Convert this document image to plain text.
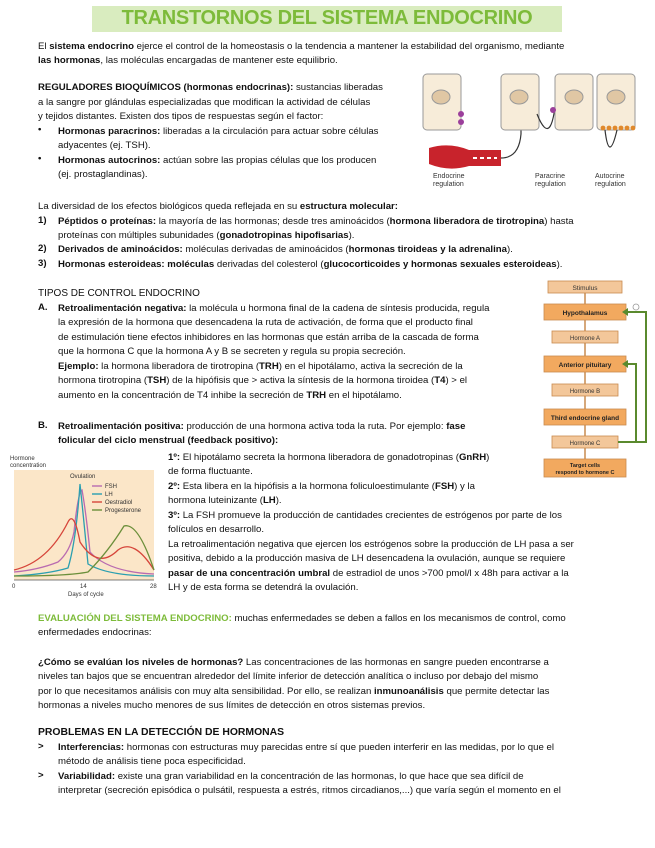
TRANSTORNOS DEL SISTEMA ENDOCRINO
El sistema endocrino ejerce el control de la homeostasis o la tendencia a mantener la estabilidad del organismo, mediante
las hormonas, las moléculas encargadas de mantener este equilibrio.
REGULADORES BIOQUÍMICOS (hormonas endocrinas): sustancias liberadas
a la sangre por glándulas especializadas que modifican la actividad de células
y tejidos distantes. Existen dos tipos de respuestas según el factor:
• Hormonas paracrinos: liberadas a la circulación para actuar sobre células
adyacentes (ej. TSH).
• Hormonas autocrinos: actúan sobre las propias células que los producen
(ej. prostaglandinas).	Endocrine
regulation
Paracrine
regulation
Autocrine
regulation
La diversidad de los efectos biológicos queda reflejada en su estructura molecular:
1) Péptidos o proteínas: la mayoría de las hormonas; desde tres aminoácidos (hormona liberadora de tirotropina) hasta
proteínas con múltiples subunidades (gonadotropinas hipofisarias).
2) Derivados de aminoácidos: moléculas derivadas de aminoácidos (hormonas tiroideas y la adrenalina).
3) Hormonas esteroideas: moléculas derivadas del colesterol (glucocorticoides y hormonas sexuales esteroideas).
TIPOS DE CONTROL ENDOCRINO
A. Retroalimentación negativa: la molécula u hormona final de la cadena de síntesis producida, regula
la expresión de la hormona que desencadena la ruta de activación, de forma que el producto final
de estimulación tiene efectos inhibidores en las hormonas que están arriba de la cascada de forma
que la hormona C que la hormona A y B se secreten y regula su propia secreción.
Ejemplo: la hormona liberadora de tirotropina (TRH) en el hipotálamo, activa la secreción de la
hormona tirotropina (TSH) de la hipófisis que > activa la síntesis de la hormona tiroidea (T4) > el
aumento en la concentración de T4 inhibe la secreción de TRH en el hipotálamo.
B. Retroalimentación positiva: producción de una hormona activa toda la ruta. Por ejemplo: fase
folicular del ciclo menstrual (feedback positivo):
Stimulus
Hypothalamus
Hormone A
Anterior pituitary
Hormone B
Third endocrine gland
Hormone C
Target cells
respond to hormone C
Hormone
concentration
Ovulation
FSH
LH
Oestradiol
Progesterone
0	14	28
Days of cycle
1º: El hipotálamo secreta la hormona liberadora de gonadotropinas (GnRH)
de forma fluctuante.
2º: Esta libera en la hipófisis a la hormona foliculoestimulante (FSH) y la
hormona luteinizante (LH).
3º: La FSH promueve la producción de cantidades crecientes de estrógenos por parte de los
folículos en desarrollo.
La retroalimentación negativa que ejercen los estrógenos sobre la producción de LH pasa a ser
positiva, debido a la producción masiva de LH desencadena la ovulación, aunque se requiere
pasar de una concentración umbral de estradiol de unos >700 pmol/l x 48h para activar a la
LH y de esta forma se detendrá la ovulación.
EVALUACIÓN DEL SISTEMA ENDOCRINO: muchas enfermedades se deben a fallos en los mecanismos de control, como
enfermedades endocrinas:
¿Cómo se evalúan los niveles de hormonas? Las concentraciones de las hormonas en sangre pueden encontrarse a
niveles tan bajos que se encuentran alrededor del límite inferior de detección analítica o incluso por debajo del mismo
por lo que necesitamos análisis con muy alta sensibilidad. Por ello, se realizan inmunoanálisis que permite detectar las
hormonas a niveles mucho menores de sus límites de detección en otros sistemas previos.
PROBLEMAS EN LA DETECCIÓN DE HORMONAS
> Interferencias: hormonas con estructuras muy parecidas entre sí que pueden interferir en las medidas, por lo que el
método de análisis tiene poca especificidad.
> Variabilidad: existe una gran variabilidad en la concentración de las hormonas, lo que hace que sea difícil de
interpretar (secreción episódica o pulsátil, respuesta a estrés, ritmos circadianos,...) que varía según el momento en el
